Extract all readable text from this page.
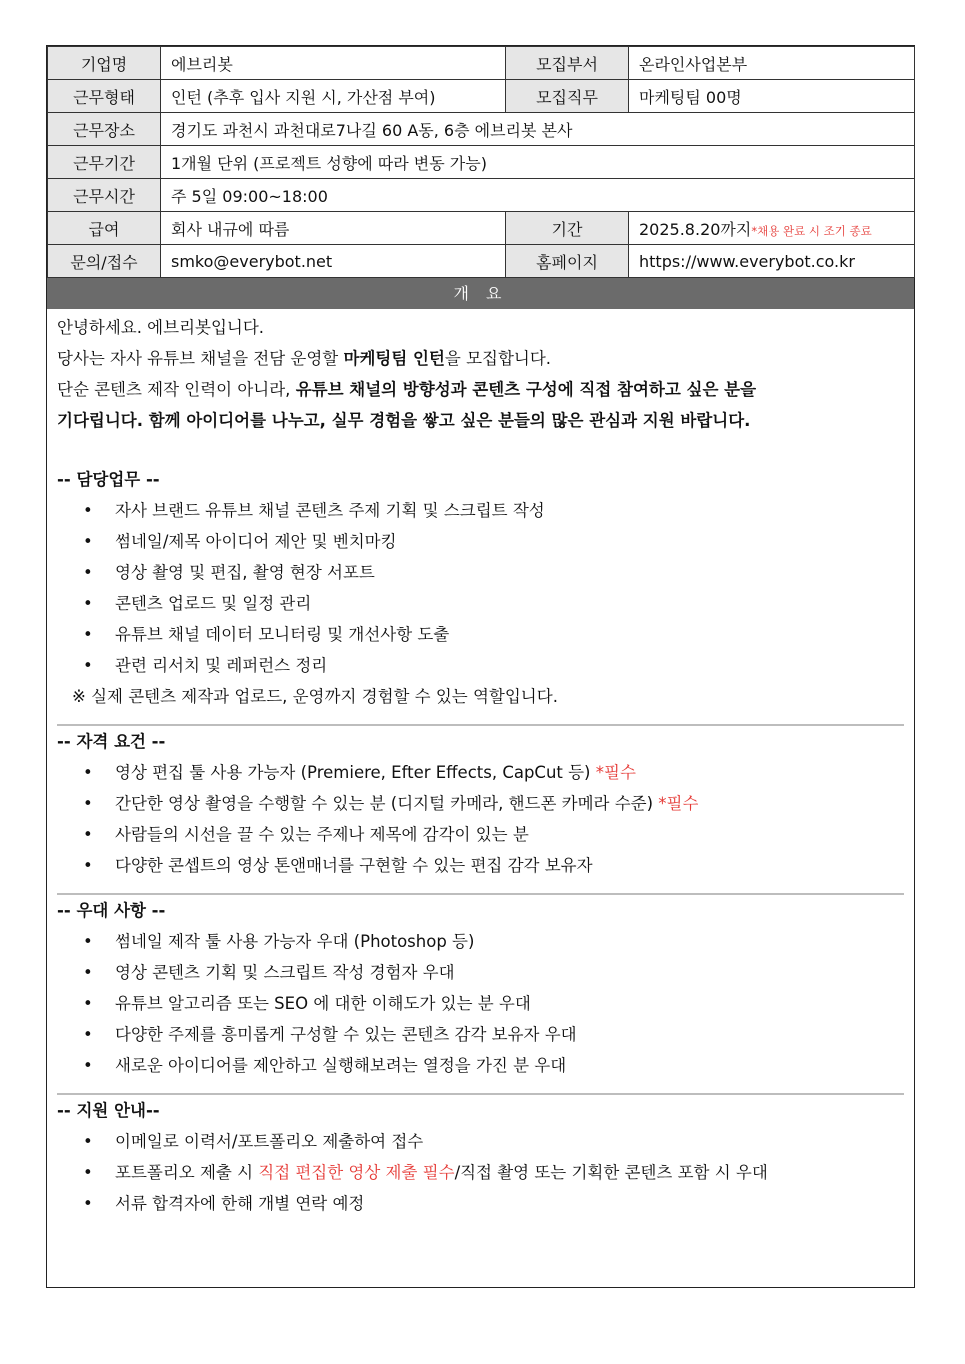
기업명	에브리봇	모집부서	온라인사업본부
근무형태	인턴 (추후 입사 지원 시, 가산점 부여)	모집직무	마케팅팀 00명
근무장소	경기도 과천시 과천대로7나길 60 A동, 6층 에브리봇 본사		
근무기간	1개월 단위 (프로젝트 성향에 따라 변동 가능)		
근무시간	주 5일 09:00~18:00		
급여	회사 내규에 따름	기간	2025.8.20까지*채용 완료 시 조기 종료
문의/접수	smko@everybot.net	홈페이지	https://www.everybot.co.kr
개 요

안녕하세요. 에브리봇입니다.

당사는 자사 유튜브 채널을 전담 운영할 마케팅팀 인턴을 모집합니다.

단순 콘텐츠 제작 인력이 아니라, 유튜브 채널의 방향성과 콘텐츠 구성에 직접 참여하고 싶은 분을

기다립니다. 함께 아이디어를 나누고, 실무 경험을 쌓고 싶은 분들의 많은 관심과 지원 바랍니다.

-- 담당업무 --

• 자사 브랜드 유튜브 채널 콘텐츠 주제 기획 및 스크립트 작성
• 썸네일/제목 아이디어 제안 및 벤치마킹
• 영상 촬영 및 편집, 촬영 현장 서포트
• 콘텐츠 업로드 및 일정 관리
• 유튜브 채널 데이터 모니터링 및 개선사항 도출
• 관련 리서치 및 레퍼런스 정리

※ 실제 콘텐츠 제작과 업로드, 운영까지 경험할 수 있는 역할입니다.

-- 자격 요건 --

• 영상 편집 툴 사용 가능자 (Premiere, Efter Effects, CapCut 등) *필수
• 간단한 영상 촬영을 수행할 수 있는 분 (디지털 카메라, 핸드폰 카메라 수준) *필수
• 사람들의 시선을 끌 수 있는 주제나 제목에 감각이 있는 분
• 다양한 콘셉트의 영상 톤앤매너를 구현할 수 있는 편집 감각 보유자

-- 우대 사항 --

• 썸네일 제작 툴 사용 가능자 우대 (Photoshop 등)
• 영상 콘텐츠 기획 및 스크립트 작성 경험자 우대
• 유튜브 알고리즘 또는 SEO 에 대한 이해도가 있는 분 우대
• 다양한 주제를 흥미롭게 구성할 수 있는 콘텐츠 감각 보유자 우대
• 새로운 아이디어를 제안하고 실행해보려는 열정을 가진 분 우대

-- 지원 안내--

• 이메일로 이력서/포트폴리오 제출하여 접수
• 포트폴리오 제출 시 직접 편집한 영상 제출 필수/직접 촬영 또는 기획한 콘텐츠 포함 시 우대
• 서류 합격자에 한해 개별 연락 예정
